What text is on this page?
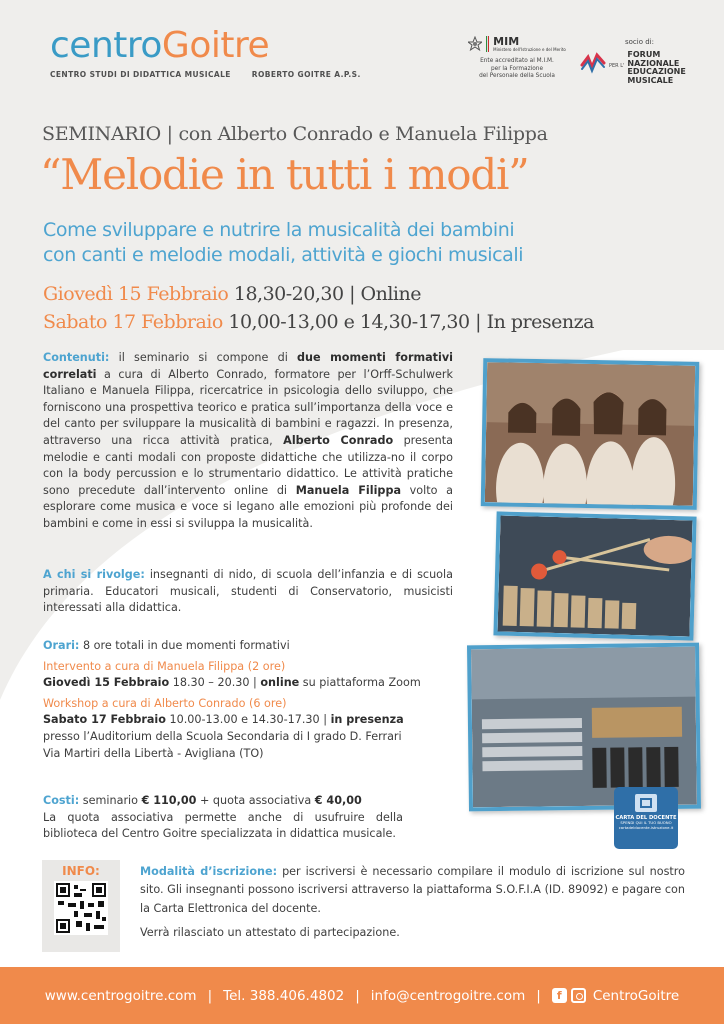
centroGoitre
CENTRO STUDI DI DIDATTICA MUSICALE	ROBERTO GOITRE A.P.S.
MIM
Ministero dell'Istruzione e del Merito
Ente accreditato al M.I.M.
per la Formazione
del Personale della Scuola
socio di:
PER L'
FORUM
NAZIONALE
EDUCAZIONE
MUSICALE
SEMINARIO | con Alberto Conrado e Manuela Filippa
“Melodie in tutti i modi”
Come sviluppare e nutrire la musicalità dei bambini
con canti e melodie modali, attività e giochi musicali
Giovedì 15 Febbraio 18,30-20,30 | Online
Sabato 17 Febbraio 10,00-13,00 e 14,30-17,30 | In presenza

Contenuti: il seminario si compone di due momenti formativi correlati a cura di Alberto Conrado, formatore per l’Orff-Schulwerk Italiano e Manuela Filippa, ricercatrice in psicologia dello sviluppo, che forniscono una prospettiva teorico e pratica sull’importanza della voce e del canto per sviluppare la musicalità di bambini e ragazzi. In presenza, attraverso una ricca attività pratica, Alberto Conrado presenta melodie e canti modali con proposte didattiche che utilizza-no il corpo con la body percussion e lo strumentario didattico. Le attività pratiche sono precedute dall’intervento online di Manuela Filippa volto a esplorare come musica e voce si legano alle emozioni più profonde dei bambini e come in essi si sviluppa la musicalità.

A chi si rivolge: insegnanti di nido, di scuola dell’infanzia e di scuola primaria. Educatori musicali, studenti di Conservatorio, musicisti interessati alla didattica.

Orari: 8 ore totali in due momenti formativi

Intervento a cura di Manuela Filippa (2 ore)
Giovedì 15 Febbraio 18.30 – 20.30 | online su piattaforma Zoom
Workshop a cura di Alberto Conrado (6 ore)
Sabato 17 Febbraio 10.00-13.00 e 14.30-17.30 | in presenza
presso l’Auditorium della Scuola Secondaria di I grado D. Ferrari
Via Martiri della Libertà - Avigliana (TO)
Costi: seminario € 110,00 + quota associativa € 40,00

La quota associativa permette anche di usufruire della biblioteca del Centro Goitre specializzata in didattica musicale.

CARTA DEL DOCENTE
SPENDI QUI IL TUO BUONO
cartadeldocente.istruzione.it
INFO:	Modalità d’iscrizione: per iscriversi è necessario compilare il modulo di iscrizione sul nostro sito. Gli insegnanti possono iscriversi attraverso la piattaforma S.O.F.I.A (ID. 89092) e pagare con la Carta Elettronica del docente.

Verrà rilasciato un attestato di partecipazione.

www.centrogoitre.com | Tel. 388.406.4802 | info@centrogoitre.com |	f	CentroGoitre
